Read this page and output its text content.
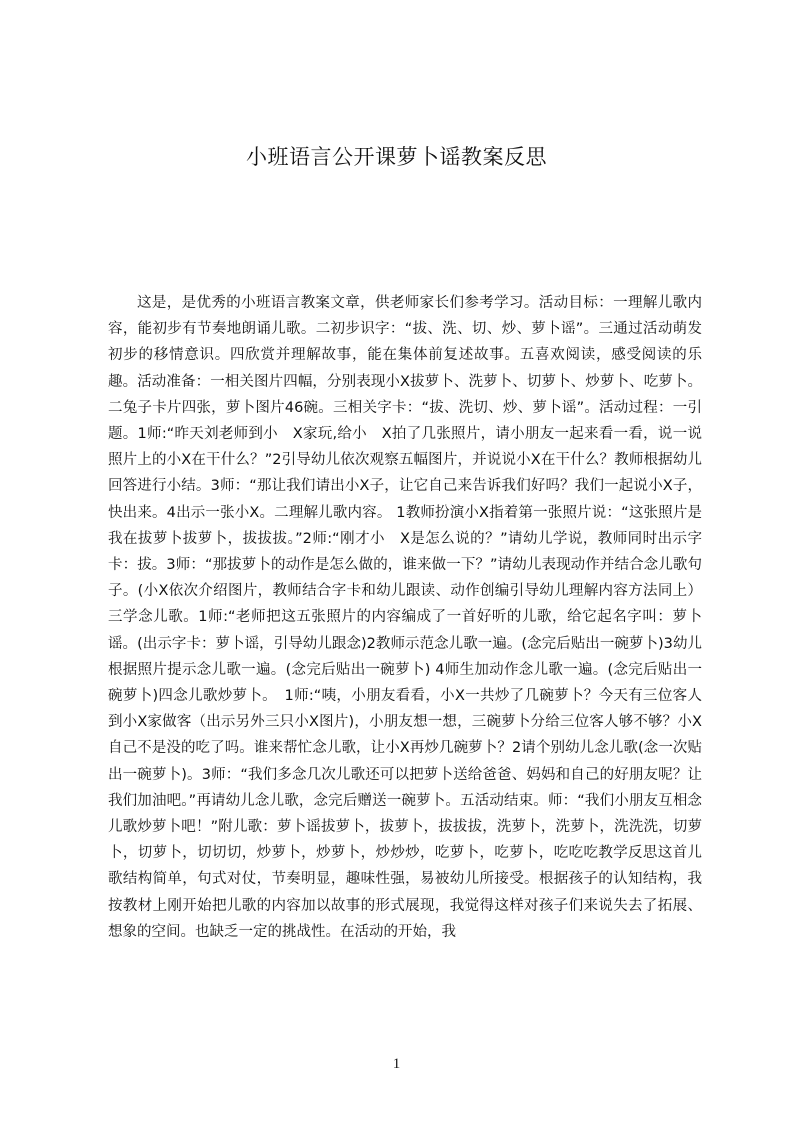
小班语言公开课萝卜谣教案反思

这是，是优秀的小班语言教案文章，供老师家长们参考学习。活动目标：一理解儿歌内容，能初步有节奏地朗诵儿歌。二初步识字：“拔、洗、切、炒、萝卜谣”。三通过活动萌发初步的移情意识。四欣赏并理解故事，能在集体前复述故事。五喜欢阅读，感受阅读的乐趣。活动准备：一相关图片四幅，分别表现小X拔萝卜、洗萝卜、切萝卜、炒萝卜、吃萝卜。二兔子卡片四张，萝卜图片46碗。三相关字卡：“拔、洗切、炒、萝卜谣”。活动过程：一引题。1师:“昨天刘老师到小　X家玩,给小　X拍了几张照片，请小朋友一起来看一看，说一说照片上的小X在干什么？”2引导幼儿依次观察五幅图片，并说说小X在干什么？教师根据幼儿回答进行小结。3师：“那让我们请出小X子，让它自己来告诉我们好吗？我们一起说小X子，快出来。4出示一张小X。二理解儿歌内容。 1教师扮演小X指着第一张照片说：“这张照片是我在拔萝卜拔萝卜，拔拔拔。”2师:“刚才小　X是怎么说的？”请幼儿学说，教师同时出示字卡：拔。3师：“那拔萝卜的动作是怎么做的，谁来做一下？”请幼儿表现动作并结合念儿歌句子。(小X依次介绍图片，教师结合字卡和幼儿跟读、动作创编引导幼儿理解内容方法同上）三学念儿歌。1师:“老师把这五张照片的内容编成了一首好听的儿歌，给它起名字叫：萝卜谣。(出示字卡：萝卜谣，引导幼儿跟念)2教师示范念儿歌一遍。(念完后贴出一碗萝卜)3幼儿根据照片提示念儿歌一遍。(念完后贴出一碗萝卜) 4师生加动作念儿歌一遍。(念完后贴出一碗萝卜)四念儿歌炒萝卜。　1师:“咦，小朋友看看，小X一共炒了几碗萝卜？今天有三位客人到小X家做客（出示另外三只小X图片)，小朋友想一想，三碗萝卜分给三位客人够不够？小X自己不是没的吃了吗。谁来帮忙念儿歌，让小X再炒几碗萝卜？2请个别幼儿念儿歌(念一次贴出一碗萝卜)。3师：“我们多念几次儿歌还可以把萝卜送给爸爸、妈妈和自己的好朋友呢？让我们加油吧。”再请幼儿念儿歌，念完后赠送一碗萝卜。五活动结束。师：“我们小朋友互相念儿歌炒萝卜吧！”附儿歌：萝卜谣拔萝卜，拔萝卜，拔拔拔，洗萝卜，洗萝卜，洗洗洗，切萝卜，切萝卜，切切切，炒萝卜，炒萝卜，炒炒炒，吃萝卜，吃萝卜，吃吃吃教学反思这首儿歌结构简单，句式对仗，节奏明显，趣味性强，易被幼儿所接受。根据孩子的认知结构，我按教材上刚开始把儿歌的内容加以故事的形式展现，我觉得这样对孩子们来说失去了拓展、想象的空间。也缺乏一定的挑战性。在活动的开始，我

1
